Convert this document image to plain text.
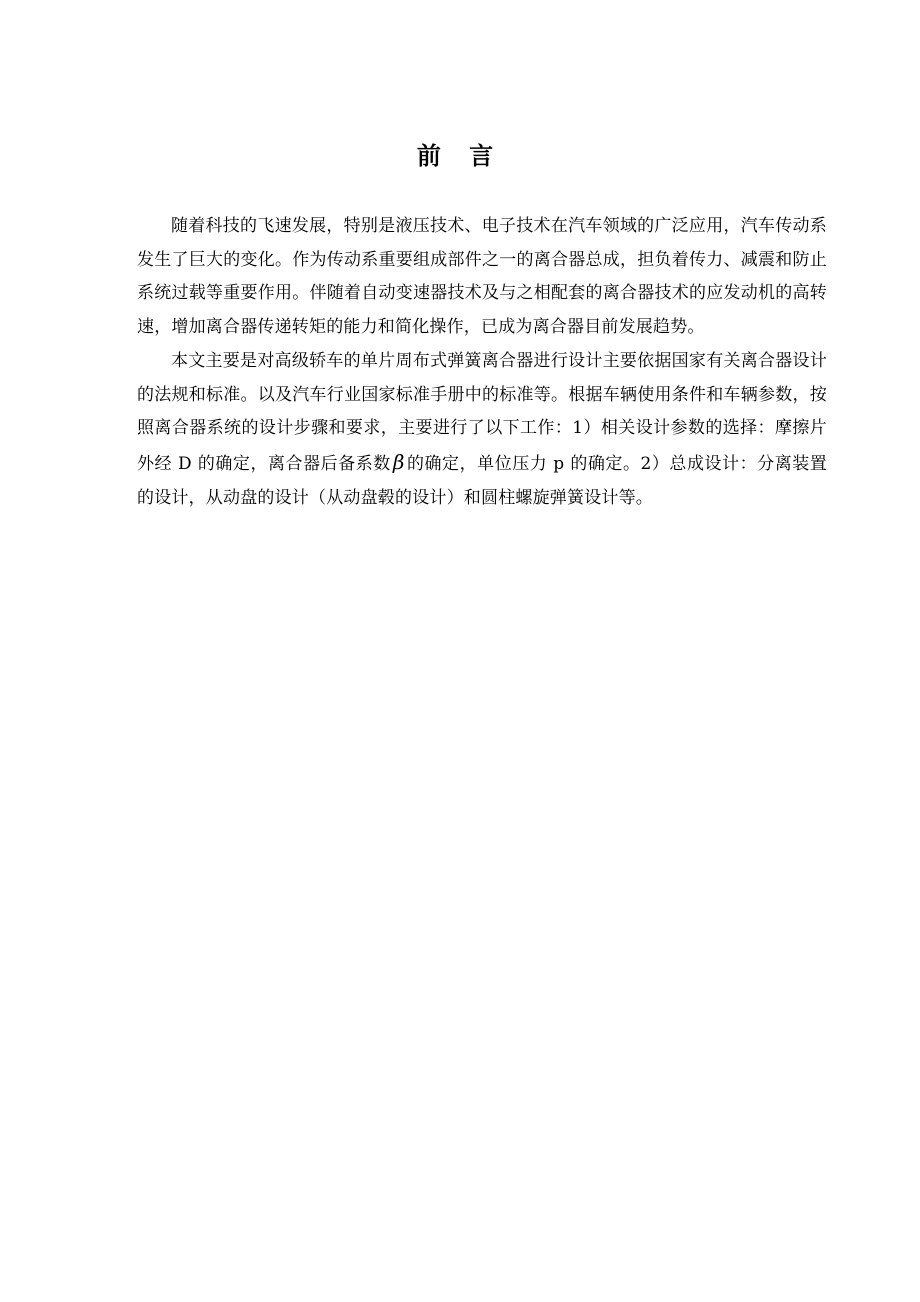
前 言

随着科技的飞速发展，特别是液压技术、电子技术在汽车领域的广泛应用，汽车传动系发生了巨大的变化。作为传动系重要组成部件之一的离合器总成，担负着传力、减震和防止系统过载等重要作用。伴随着自动变速器技术及与之相配套的离合器技术的应发动机的高转速，增加离合器传递转矩的能力和简化操作，已成为离合器目前发展趋势。

本文主要是对高级轿车的单片周布式弹簧离合器进行设计主要依据国家有关离合器设计的法规和标准。以及汽车行业国家标准手册中的标准等。根据车辆使用条件和车辆参数，按照离合器系统的设计步骤和要求，主要进行了以下工作：1）相关设计参数的选择：摩擦片外经 D 的确定，离合器后备系数 β 的确定，单位压力 p 的确定。2）总成设计：分离装置的设计，从动盘的设计（从动盘毂的设计）和圆柱螺旋弹簧设计等。
